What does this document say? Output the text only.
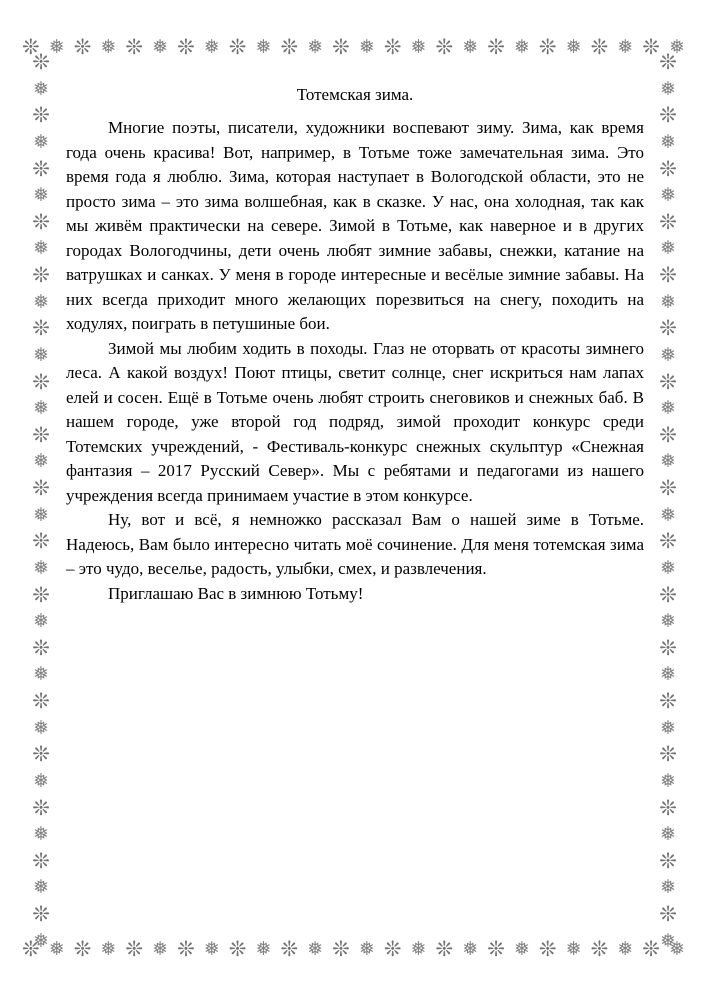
❊ ❅ ❊ ❅ ❊ ❅ ❊ ❅ ❊ ❅ ❊ ❅ ❊ ❅ ❊ ❅ ❊ ❅ ❊ ❅ ❊ ❅ ❊ ❅ ❊ ❅
❊ ❅ ❊ ❅ ❊ ❅ ❊ ❅ ❊ ❅ ❊ ❅ ❊ ❅ ❊ ❅ ❊ ❅ ❊ ❅ ❊ ❅ ❊ ❅ ❊ ❅
❊
❅
❊
❅
❊
❅
❊
❅
❊
❅
❊
❅
❊
❅
❊
❅
❊
❅
❊
❅
❊
❅
❊
❅
❊
❅
❊
❅
❊
❅
❊
❅
❊
❅
❊
❅
❊
❅
❊
❅
❊
❅
❊
❅
❊
❅
❊
❅
❊
❅
❊
❅
❊
❅
❊
❅
❊
❅
❊
❅
❊
❅
❊
❅
❊
❅
❊
❅
Тотемская зима.

Многие поэты, писатели, художники воспевают зиму. Зима, как время года очень красива! Вот, например, в Тотьме тоже замечательная зима. Это время года я люблю. Зима, которая наступает в Вологодской области, это не просто зима – это зима волшебная, как в сказке. У нас, она холодная, так как мы живём практически на севере. Зимой в Тотьме, как наверное и в других городах Вологодчины, дети очень любят зимние забавы, снежки, катание на ватрушках и санках. У меня в городе интересные и весёлые зимние забавы. На них всегда приходит много желающих порезвиться на снегу, походить на ходулях, поиграть в петушиные бои.

Зимой мы любим ходить в походы. Глаз не оторвать от красоты зимнего леса. А какой воздух! Поют птицы, светит солнце, снег искриться нам лапах елей и сосен. Ещё в Тотьме очень любят строить снеговиков и снежных баб. В нашем городе, уже второй год подряд, зимой проходит конкурс среди Тотемских учреждений, - Фестиваль-конкурс снежных скульптур «Снежная фантазия – 2017 Русский Север». Мы с ребятами и педагогами из нашего учреждения всегда принимаем участие в этом конкурсе.

Ну, вот и всё, я немножко рассказал Вам о нашей зиме в Тотьме. Надеюсь, Вам было интересно читать моё сочинение. Для меня тотемская зима – это чудо, веселье, радость, улыбки, смех, и развлечения.

Приглашаю Вас в зимнюю Тотьму!
